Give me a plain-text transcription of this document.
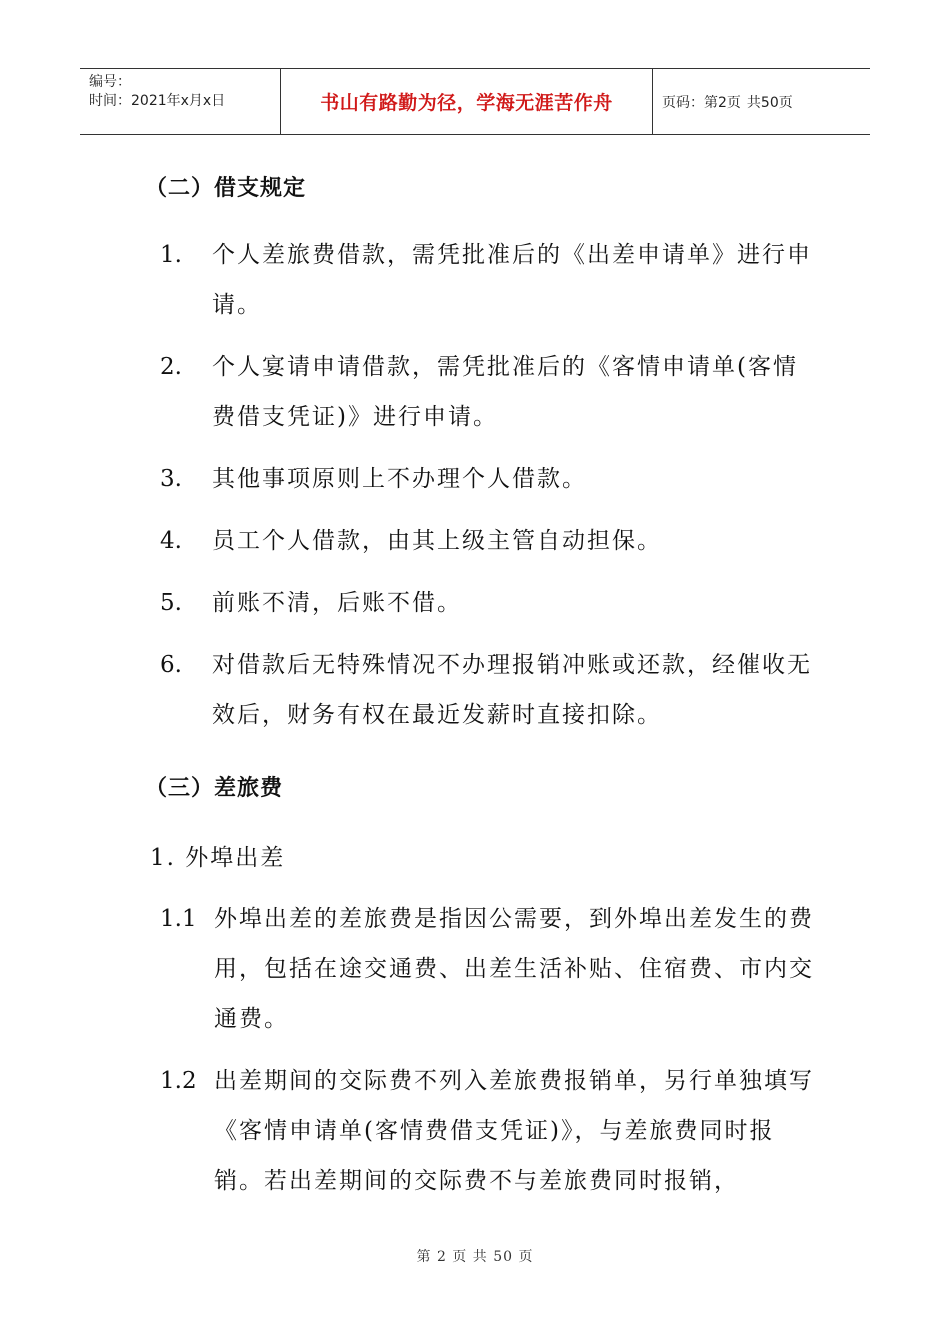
编号：
时间：2021年x月x日	书山有路勤为径，学海无涯苦作舟	页码：第2页 共50页
（二）借支规定
1.	个人差旅费借款，需凭批准后的《出差申请单》进行申请。
2.	个人宴请申请借款，需凭批准后的《客情申请单(客情费借支凭证)》进行申请。
3.	其他事项原则上不办理个人借款。
4.	员工个人借款，由其上级主管自动担保。
5.	前账不清，后账不借。
6.	对借款后无特殊情况不办理报销冲账或还款，经催收无效后，财务有权在最近发薪时直接扣除。
（三）差旅费
1. 外埠出差
1.1 外埠出差的差旅费是指因公需要，到外埠出差发生的费用，包括在途交通费、出差生活补贴、住宿费、市内交通费。
1.2 出差期间的交际费不列入差旅费报销单，另行单独填写《客情申请单(客情费借支凭证)》，与差旅费同时报销。若出差期间的交际费不与差旅费同时报销，
第 2 页 共 50 页
